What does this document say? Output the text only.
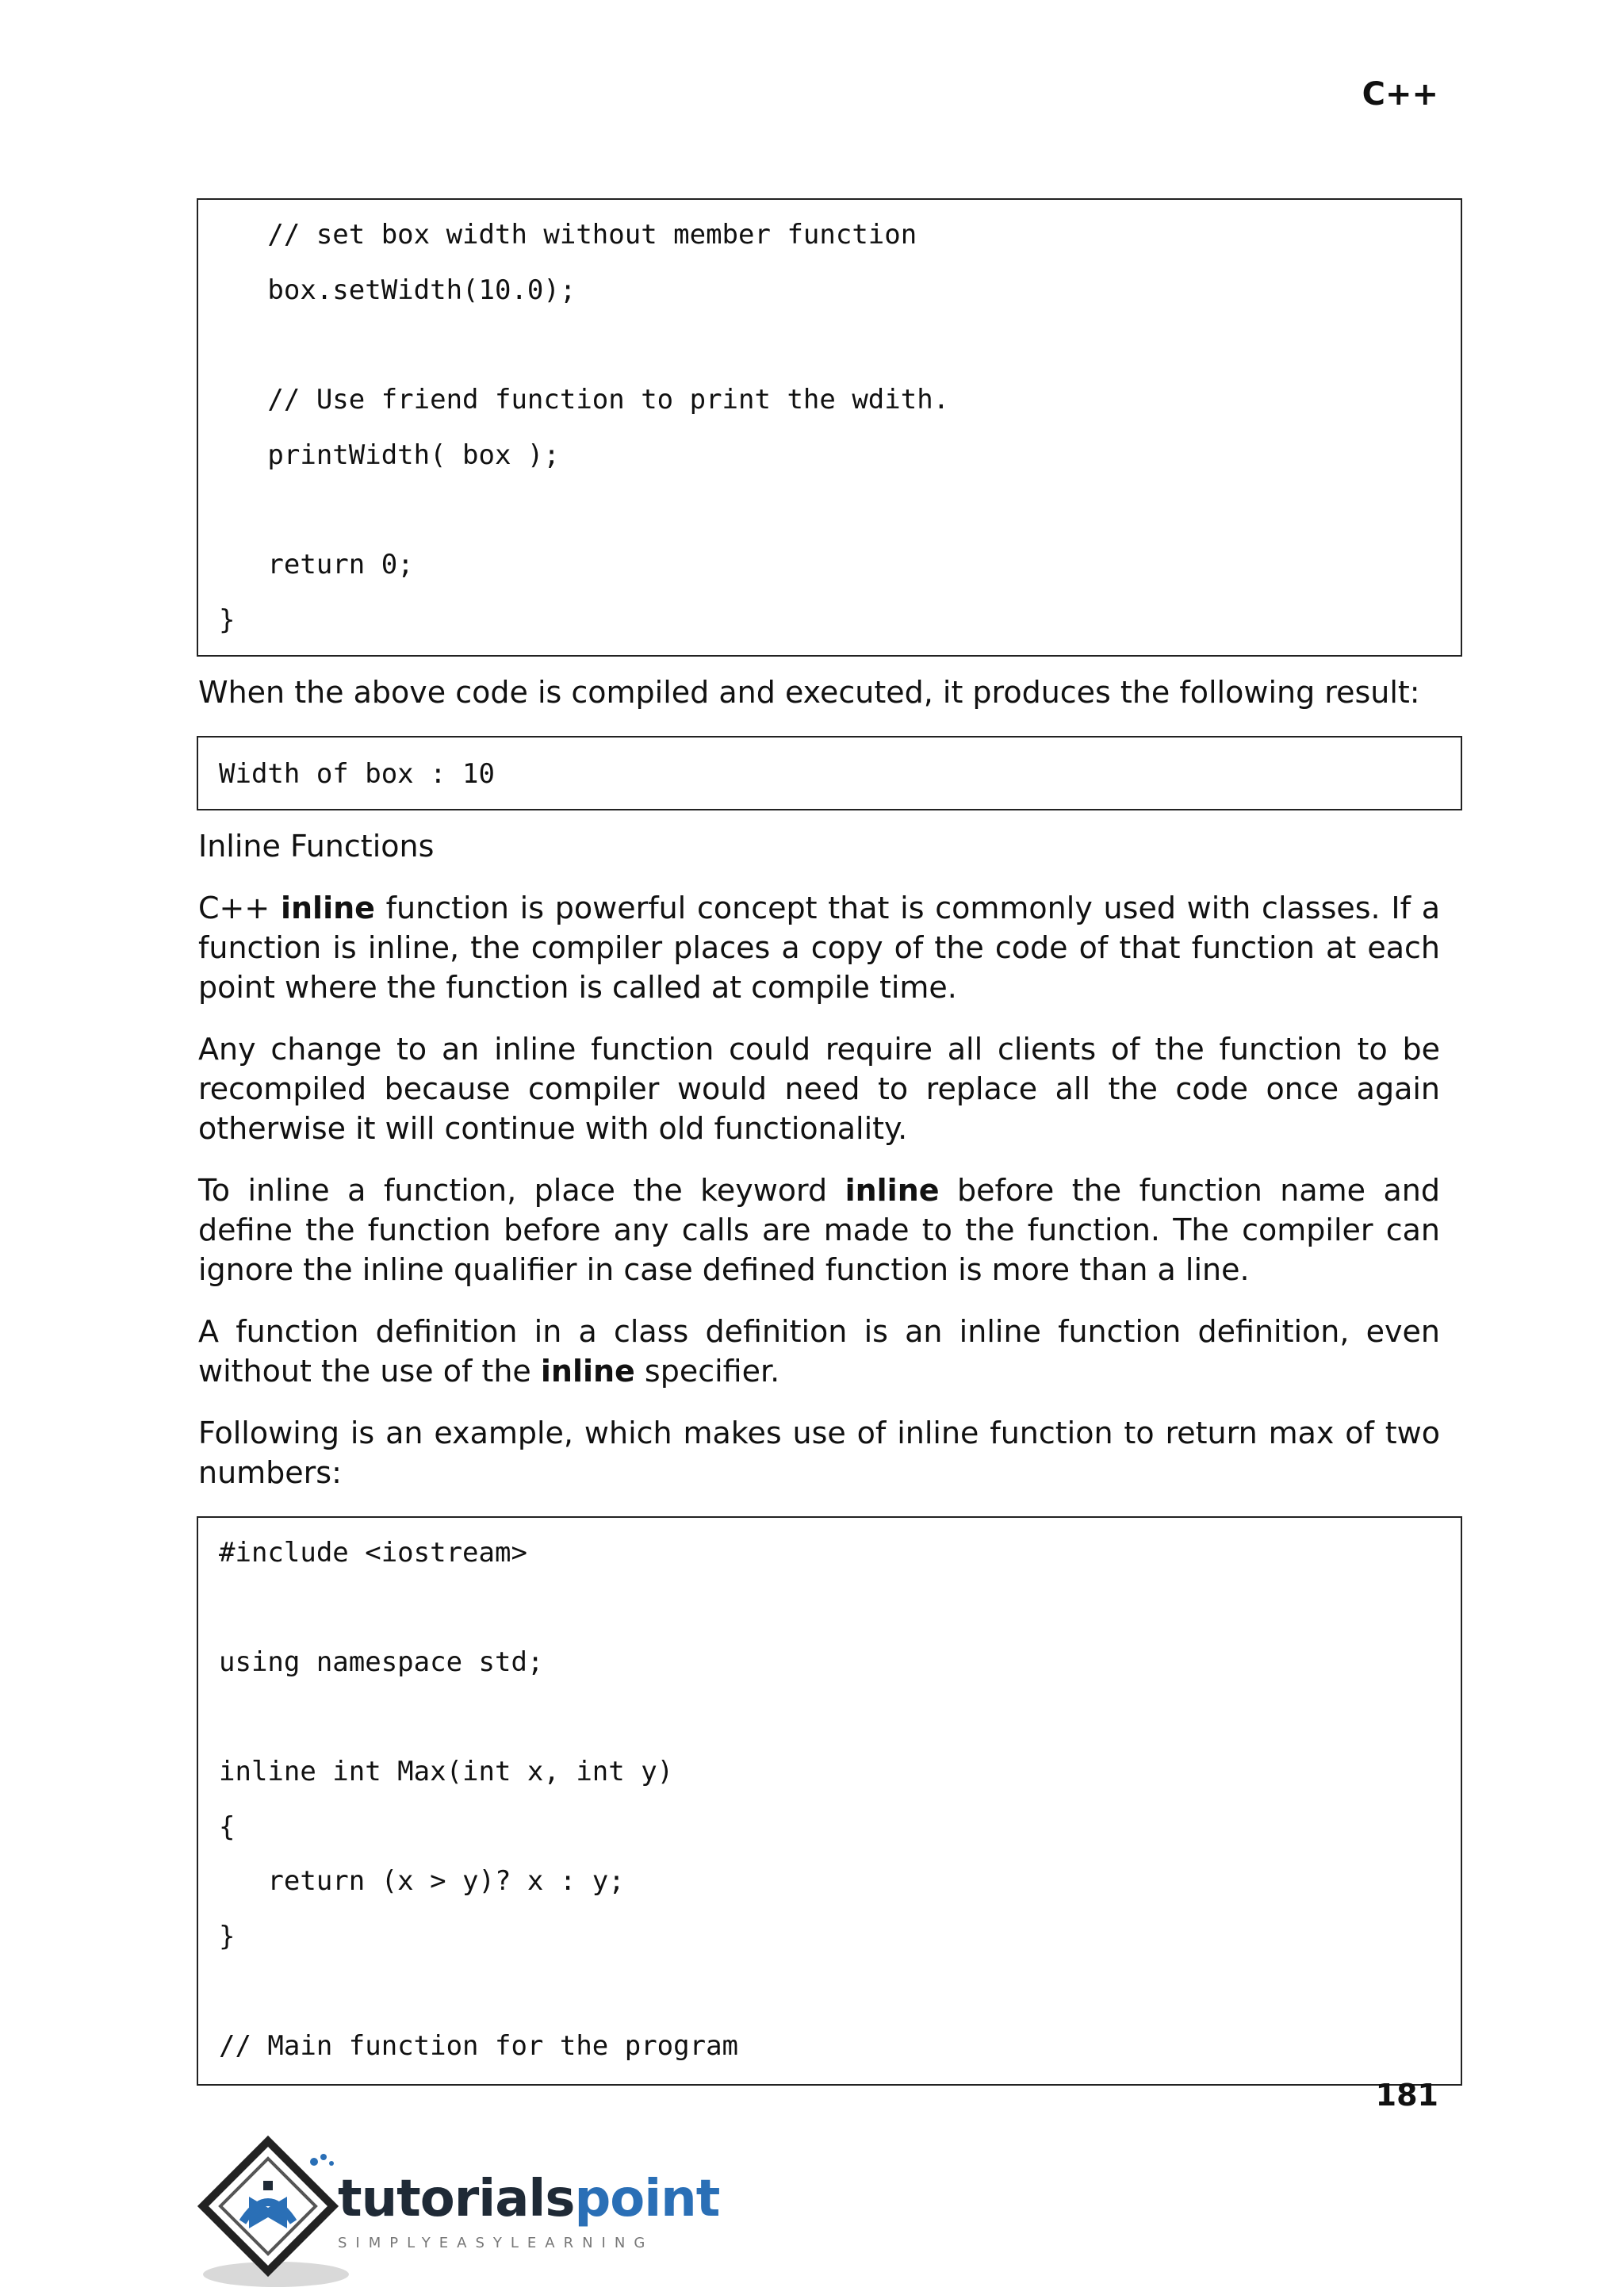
C++
// set box width without member function
box.setWidth(10.0);
// Use friend function to print the wdith.
printWidth( box );
return 0;
}

When the above code is compiled and executed, it produces the following result:

Width of box : 10
Inline Functions

C++ inline function is powerful concept that is commonly used with classes. If a function is inline, the compiler places a copy of the code of that function at each point where the function is called at compile time.

Any change to an inline function could require all clients of the function to be recompiled because compiler would need to replace all the code once again otherwise it will continue with old functionality.

To inline a function, place the keyword inline before the function name and define the function before any calls are made to the function. The compiler can ignore the inline qualifier in case defined function is more than a line.

A function definition in a class definition is an inline function definition, even without the use of the inline specifier.

Following is an example, which makes use of inline function to return max of two numbers:

#include <iostream>
using namespace std;
inline int Max(int x, int y)
{
return (x > y)? x : y;
}
// Main function for the program
181
tutorialspoint
SIMPLYEASYLEARNING
